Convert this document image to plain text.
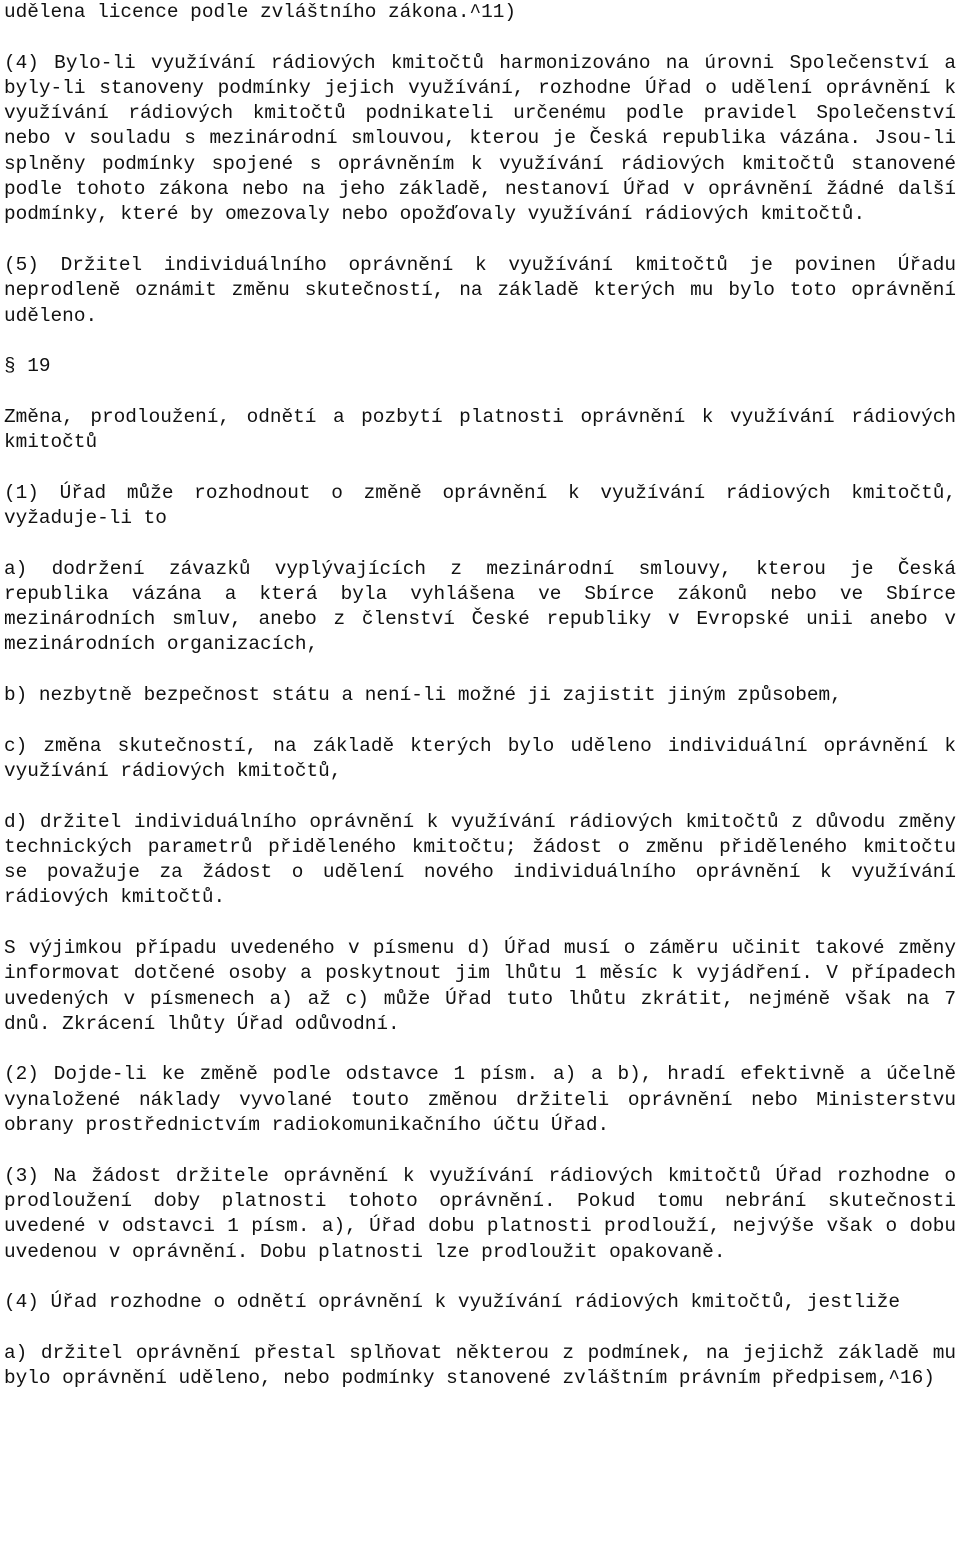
udělena licence podle zvláštního zákona.^11)

(4) Bylo-li využívání rádiových kmitočtů harmonizováno na úrovni Společenství a byly-li stanoveny podmínky jejich využívání, rozhodne Úřad o udělení oprávnění k využívání rádiových kmitočtů podnikateli určenému podle pravidel Společenství nebo v souladu s mezinárodní smlouvou, kterou je Česká republika vázána. Jsou-li splněny podmínky spojené s oprávněním k využívání rádiových kmitočtů stanovené podle tohoto zákona nebo na jeho základě, nestanoví Úřad v oprávnění žádné další podmínky, které by omezovaly nebo opožďovaly využívání rádiových kmitočtů.

(5) Držitel individuálního oprávnění k využívání kmitočtů je povinen Úřadu neprodleně oznámit změnu skutečností, na základě kterých mu bylo toto oprávnění uděleno.

§ 19

Změna, prodloužení, odnětí a pozbytí platnosti oprávnění k využívání rádiových kmitočtů

(1) Úřad může rozhodnout o změně oprávnění k využívání rádiových kmitočtů, vyžaduje-li to

a) dodržení závazků vyplývajících z mezinárodní smlouvy, kterou je Česká republika vázána a která byla vyhlášena ve Sbírce zákonů nebo ve Sbírce mezinárodních smluv, anebo z členství České republiky v Evropské unii anebo v mezinárodních organizacích,

b) nezbytně bezpečnost státu a není-li možné ji zajistit jiným způsobem,

c) změna skutečností, na základě kterých bylo uděleno individuální oprávnění k využívání rádiových kmitočtů,

d) držitel individuálního oprávnění k využívání rádiových kmitočtů z důvodu změny technických parametrů přiděleného kmitočtu; žádost o změnu přiděleného kmitočtu se považuje za žádost o udělení nového individuálního oprávnění k využívání rádiových kmitočtů.

S výjimkou případu uvedeného v písmenu d) Úřad musí o záměru učinit takové změny informovat dotčené osoby a poskytnout jim lhůtu 1 měsíc k vyjádření. V případech uvedených v písmenech a) až c) může Úřad tuto lhůtu zkrátit, nejméně však na 7 dnů. Zkrácení lhůty Úřad odůvodní.

(2) Dojde-li ke změně podle odstavce 1 písm. a) a b), hradí efektivně a účelně vynaložené náklady vyvolané touto změnou držiteli oprávnění nebo Ministerstvu obrany prostřednictvím radiokomunikačního účtu Úřad.

(3) Na žádost držitele oprávnění k využívání rádiových kmitočtů Úřad rozhodne o prodloužení doby platnosti tohoto oprávnění. Pokud tomu nebrání skutečnosti uvedené v odstavci 1 písm. a), Úřad dobu platnosti prodlouží, nejvýše však o dobu uvedenou v oprávnění. Dobu platnosti lze prodloužit opakovaně.

(4) Úřad rozhodne o odnětí oprávnění k využívání rádiových kmitočtů, jestliže

a) držitel oprávnění přestal splňovat některou z podmínek, na jejichž základě mu bylo oprávnění uděleno, nebo podmínky stanovené zvláštním právním předpisem,^16)
